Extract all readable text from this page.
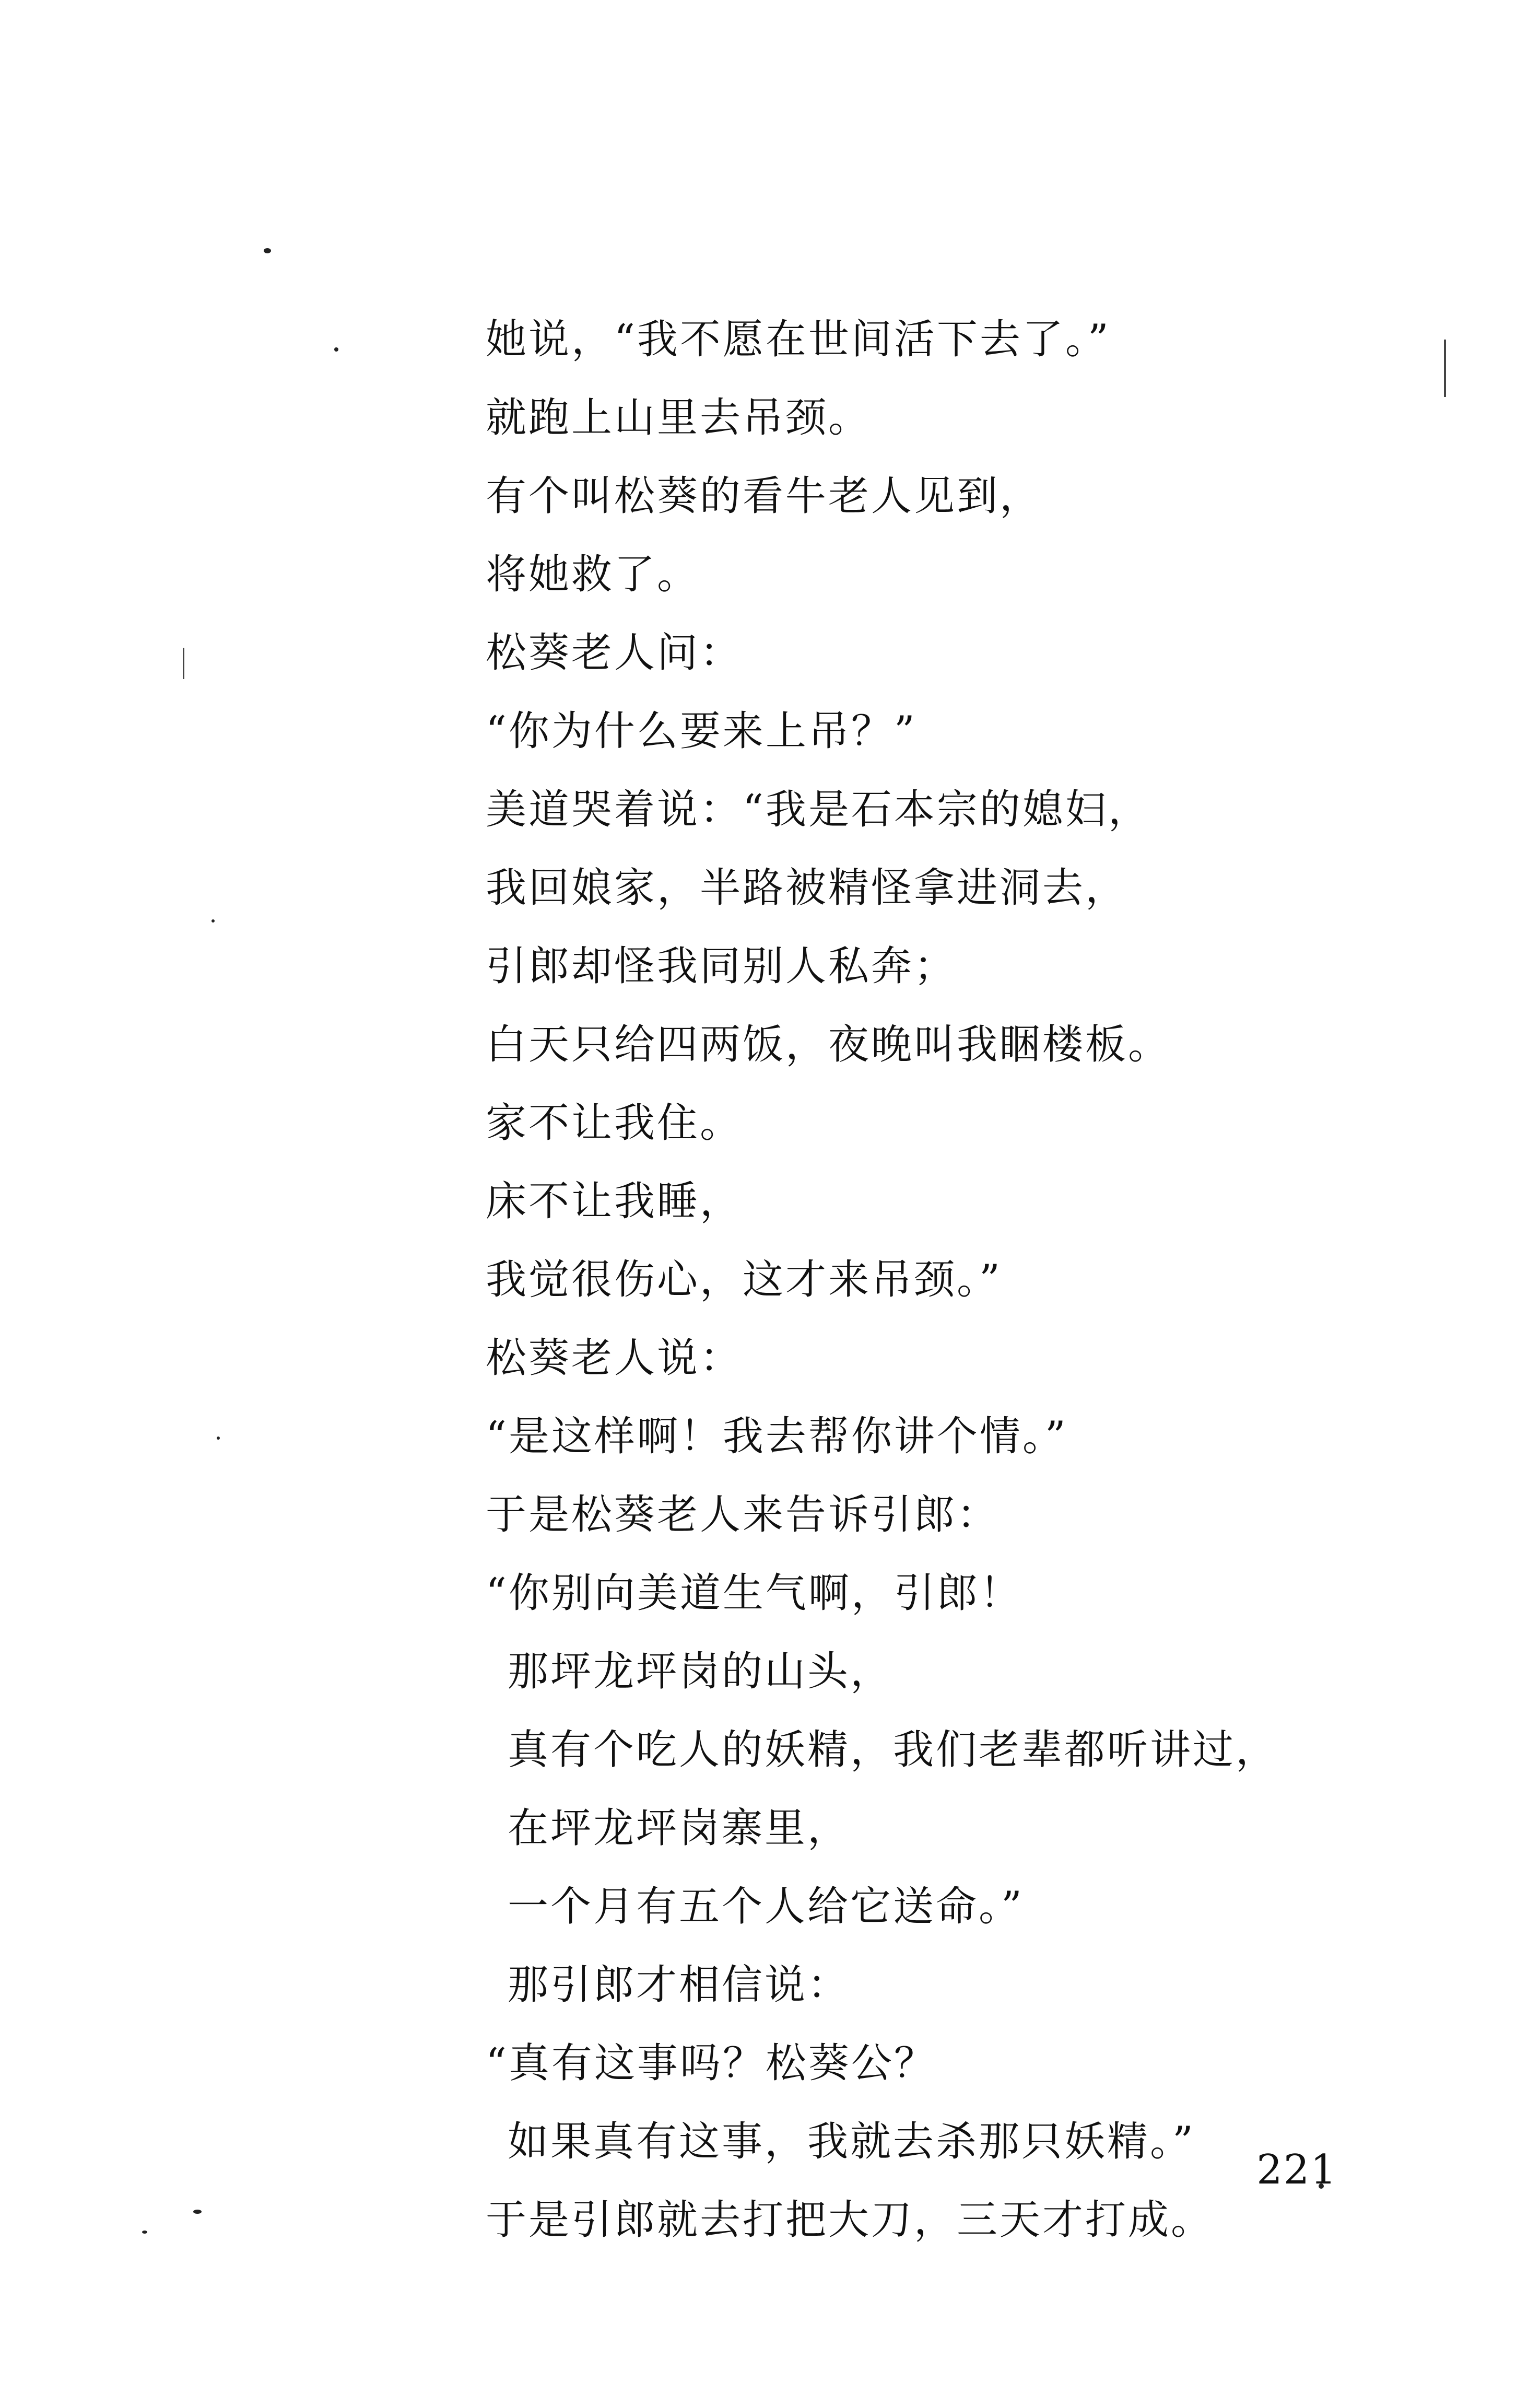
她说，“我不愿在世间活下去了。”
就跑上山里去吊颈。
有个叫松葵的看牛老人见到，
将她救了。
松葵老人问：
“你为什么要来上吊？”
美道哭着说：“我是石本宗的媳妇，
我回娘家，半路被精怪拿进洞去，
引郎却怪我同别人私奔；
白天只给四两饭，夜晚叫我睏楼板。
家不让我住。
床不让我睡，
我觉很伤心，这才来吊颈。”
松葵老人说：
“是这样啊！我去帮你讲个情。”
于是松葵老人来告诉引郎：
“你别向美道生气啊，引郎！
那坪龙坪岗的山头，
真有个吃人的妖精，我们老辈都听讲过，
在坪龙坪岗寨里，
一个月有五个人给它送命。”
那引郎才相信说：
“真有这事吗？松葵公？
如果真有这事，我就去杀那只妖精。”
于是引郎就去打把大刀，三天才打成。
221
